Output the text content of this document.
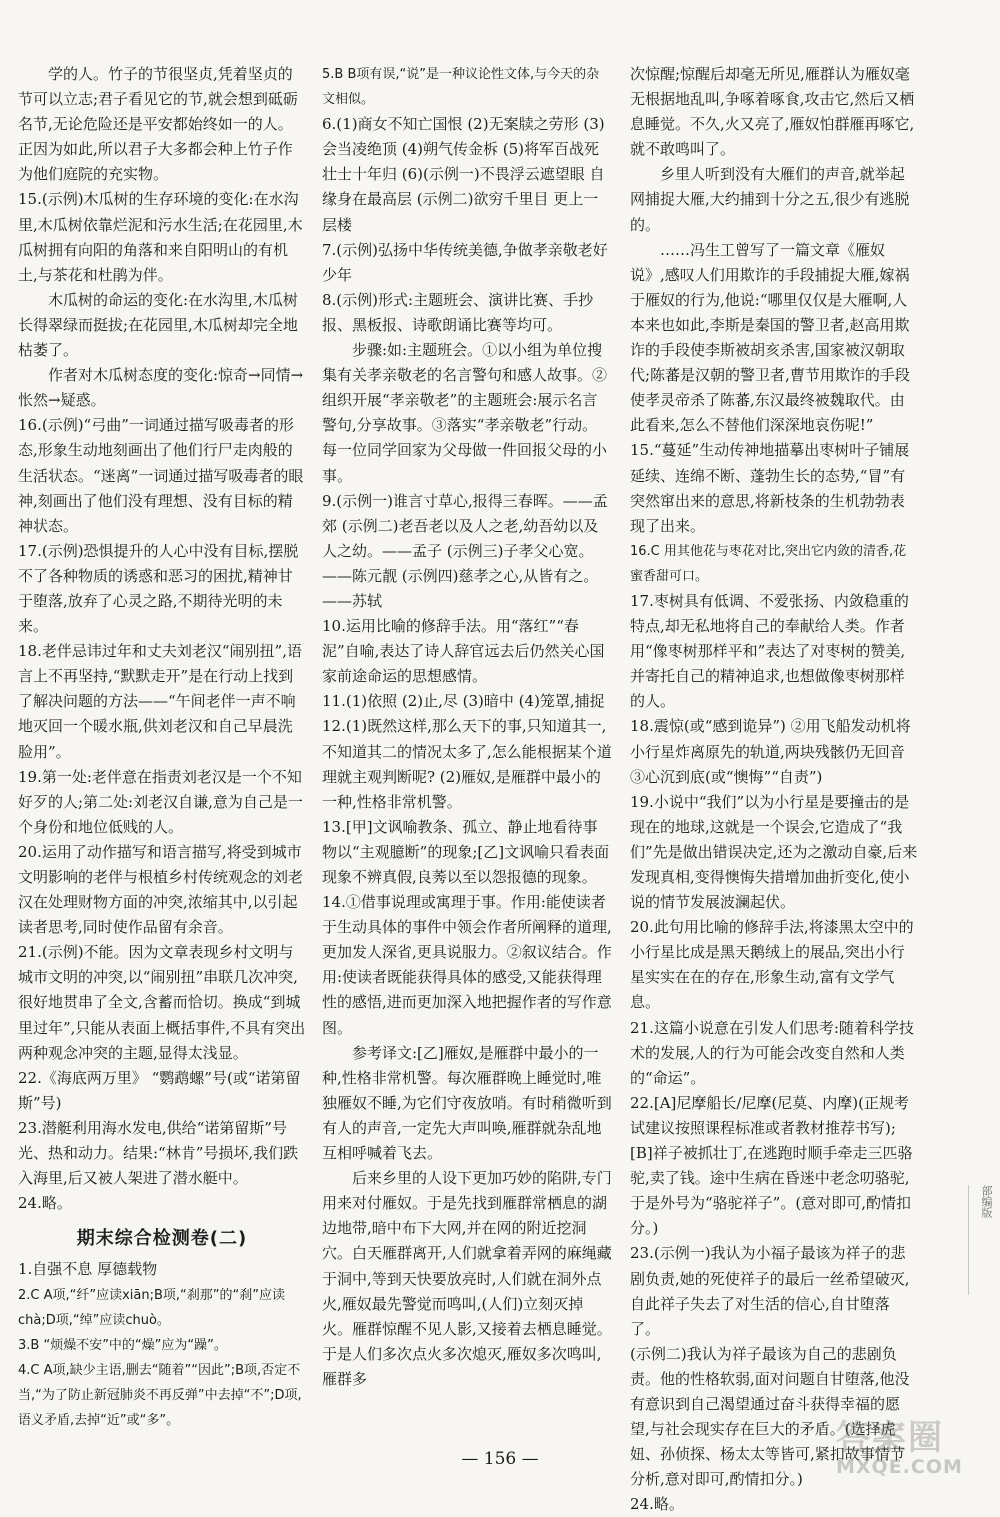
学的人。竹子的节很坚贞,凭着坚贞的节可以立志;君子看见它的节,就会想到砥砺名节,无论危险还是平安都始终如一的人。正因为如此,所以君子大多都会种上竹子作为他们庭院的充实物。

15.(示例)木瓜树的生存环境的变化:在水沟里,木瓜树依靠烂泥和污水生活;在花园里,木瓜树拥有向阳的角落和来自阳明山的有机土,与茶花和杜鹃为伴。

木瓜树的命运的变化:在水沟里,木瓜树长得翠绿而挺拔;在花园里,木瓜树却完全地枯萎了。

作者对木瓜树态度的变化:惊奇→同情→怅然→疑惑。

16.(示例)“弓曲”一词通过描写吸毒者的形态,形象生动地刻画出了他们行尸走肉般的生活状态。“迷离”一词通过描写吸毒者的眼神,刻画出了他们没有理想、没有目标的精神状态。

17.(示例)恐惧提升的人心中没有目标,摆脱不了各种物质的诱惑和恶习的困扰,精神甘于堕落,放弃了心灵之路,不期待光明的未来。

18.老伴忌讳过年和丈夫刘老汉“闹别扭”,语言上不再坚持,“默默走开”是在行动上找到了解决问题的方法——“午间老伴一声不响地灭回一个暖水瓶,供刘老汉和自己早晨洗脸用”。

19.第一处:老伴意在指责刘老汉是一个不知好歹的人;第二处:刘老汉自谦,意为自己是一个身份和地位低贱的人。

20.运用了动作描写和语言描写,将受到城市文明影响的老伴与根植乡村传统观念的刘老汉在处理财物方面的冲突,浓缩其中,以引起读者思考,同时使作品留有余音。

21.(示例)不能。因为文章表现乡村文明与城市文明的冲突,以“闹别扭”串联几次冲突,很好地贯串了全文,含蓄而恰切。换成“到城里过年”,只能从表面上概括事件,不具有突出两种观念冲突的主题,显得太浅显。

22.《海底两万里》 “鹦鹉螺”号(或“诺第留斯”号)

23.潜艇利用海水发电,供给“诺第留斯”号光、热和动力。结果:“林肯”号损坏,我们跌入海里,后又被人架进了潜水艇中。

24.略。

期末综合检测卷(二)

1.自强不息 厚德载物

2.C A项,“纤”应读xiān;B项,“刹那”的“刹”应读chà;D项,“绰”应读chuò。

3.B “烦燥不安”中的“燥”应为“躁”。

4.C A项,缺少主语,删去“随着”“因此”;B项,否定不当,“为了防止新冠肺炎不再反弹”中去掉“不”;D项,语义矛盾,去掉“近”或“多”。

5.B B项有误,“说”是一种议论性文体,与今天的杂文相似。

6.(1)商女不知亡国恨 (2)无案牍之劳形 (3)会当凌绝顶 (4)朔气传金柝 (5)将军百战死 壮士十年归 (6)(示例一)不畏浮云遮望眼 自缘身在最高层 (示例二)欲穷千里目 更上一层楼

7.(示例)弘扬中华传统美德,争做孝亲敬老好少年

8.(示例)形式:主题班会、演讲比赛、手抄报、黑板报、诗歌朗诵比赛等均可。

步骤:如:主题班会。①以小组为单位搜集有关孝亲敬老的名言警句和感人故事。②组织开展“孝亲敬老”的主题班会:展示名言警句,分享故事。③落实“孝亲敬老”行动。每一位同学回家为父母做一件回报父母的小事。

9.(示例一)谁言寸草心,报得三春晖。——孟郊 (示例二)老吾老以及人之老,幼吾幼以及人之幼。——孟子 (示例三)子孝父心宽。——陈元靓 (示例四)慈孝之心,从皆有之。——苏轼

10.运用比喻的修辞手法。用“落红”“春泥”自喻,表达了诗人辞官远去后仍然关心国家前途命运的思想感情。

11.(1)依照 (2)止,尽 (3)暗中 (4)笼罩,捕捉

12.(1)既然这样,那么天下的事,只知道其一,不知道其二的情况太多了,怎么能根据某个道理就主观判断呢? (2)雁奴,是雁群中最小的一种,性格非常机警。

13.[甲]文讽喻教条、孤立、静止地看待事物以“主观臆断”的现象;[乙]文讽喻只看表面现象不辨真假,良莠以至以怨报德的现象。

14.①借事说理或寓理于事。作用:能使读者于生动具体的事件中领会作者所阐释的道理,更加发人深省,更具说服力。②叙议结合。作用:使读者既能获得具体的感受,又能获得理性的感悟,进而更加深入地把握作者的写作意图。

参考译文:[乙]雁奴,是雁群中最小的一种,性格非常机警。每次雁群晚上睡觉时,唯独雁奴不睡,为它们守夜放哨。有时稍微听到有人的声音,一定先大声叫唤,雁群就杂乱地互相呼喊着飞去。

后来乡里的人设下更加巧妙的陷阱,专门用来对付雁奴。于是先找到雁群常栖息的湖边地带,暗中布下大网,并在网的附近挖洞穴。白天雁群离开,人们就拿着弄网的麻绳藏于洞中,等到天快要放亮时,人们就在洞外点火,雁奴最先警觉而鸣叫,(人们)立刻灭掉火。雁群惊醒不见人影,又接着去栖息睡觉。于是人们多次点火多次熄灭,雁奴多次鸣叫,雁群多

次惊醒;惊醒后却毫无所见,雁群认为雁奴毫无根据地乱叫,争啄着啄食,攻击它,然后又栖息睡觉。不久,火又亮了,雁奴怕群雁再啄它,就不敢鸣叫了。

乡里人听到没有大雁们的声音,就举起网捕捉大雁,大约捕到十分之五,很少有逃脱的。

……冯生工曾写了一篇文章《雁奴说》,感叹人们用欺诈的手段捕捉大雁,嫁祸于雁奴的行为,他说:“哪里仅仅是大雁啊,人本来也如此,李斯是秦国的警卫者,赵高用欺诈的手段使李斯被胡亥杀害,国家被汉朝取代;陈蕃是汉朝的警卫者,曹节用欺诈的手段使孝灵帝杀了陈蕃,东汉最终被魏取代。由此看来,怎么不替他们深深地哀伤呢!”

15.“蔓延”生动传神地描摹出枣树叶子铺展延续、连绵不断、蓬勃生长的态势,“冒”有突然窜出来的意思,将新枝条的生机勃勃表现了出来。

16.C 用其他花与枣花对比,突出它内敛的清香,花蜜香甜可口。

17.枣树具有低调、不爱张扬、内敛稳重的特点,却无私地将自己的奉献给人类。作者用“像枣树那样平和”表达了对枣树的赞美,并寄托自己的精神追求,也想做像枣树那样的人。

18.震惊(或“感到诡异”) ②用飞船发动机将小行星炸离原先的轨道,两块残骸仍无回音 ③心沉到底(或“懊悔”“自责”)

19.小说中“我们”以为小行星是要撞击的是现在的地球,这就是一个误会,它造成了“我们”先是做出错误决定,还为之激动自豪,后来发现真相,变得懊悔失措增加曲折变化,使小说的情节发展波澜起伏。

20.此句用比喻的修辞手法,将漆黑太空中的小行星比成是黑天鹅绒上的展品,突出小行星实实在在的存在,形象生动,富有文学气息。

21.这篇小说意在引发人们思考:随着科学技术的发展,人的行为可能会改变自然和人类的“命运”。

22.[A]尼摩船长/尼摩(尼莫、内摩)(正规考试建议按照课程标准或者教材推荐书写);[B]祥子被抓壮丁,在逃跑时顺手牵走三匹骆驼,卖了钱。途中生病在昏迷中老念叨骆驼,于是外号为“骆驼祥子”。(意对即可,酌情扣分。)

23.(示例一)我认为小福子最该为祥子的悲剧负责,她的死使祥子的最后一丝希望破灭,自此祥子失去了对生活的信心,自甘堕落了。

(示例二)我认为祥子最该为自己的悲剧负责。他的性格软弱,面对问题自甘堕落,他没有意识到自己渴望通过奋斗获得幸福的愿望,与社会现实存在巨大的矛盾。(选择虎妞、孙侦探、杨太太等皆可,紧扣故事情节分析,意对即可,酌情扣分。)

24.略。

— 156 —
部编版
答案圈
MXQE.COM
